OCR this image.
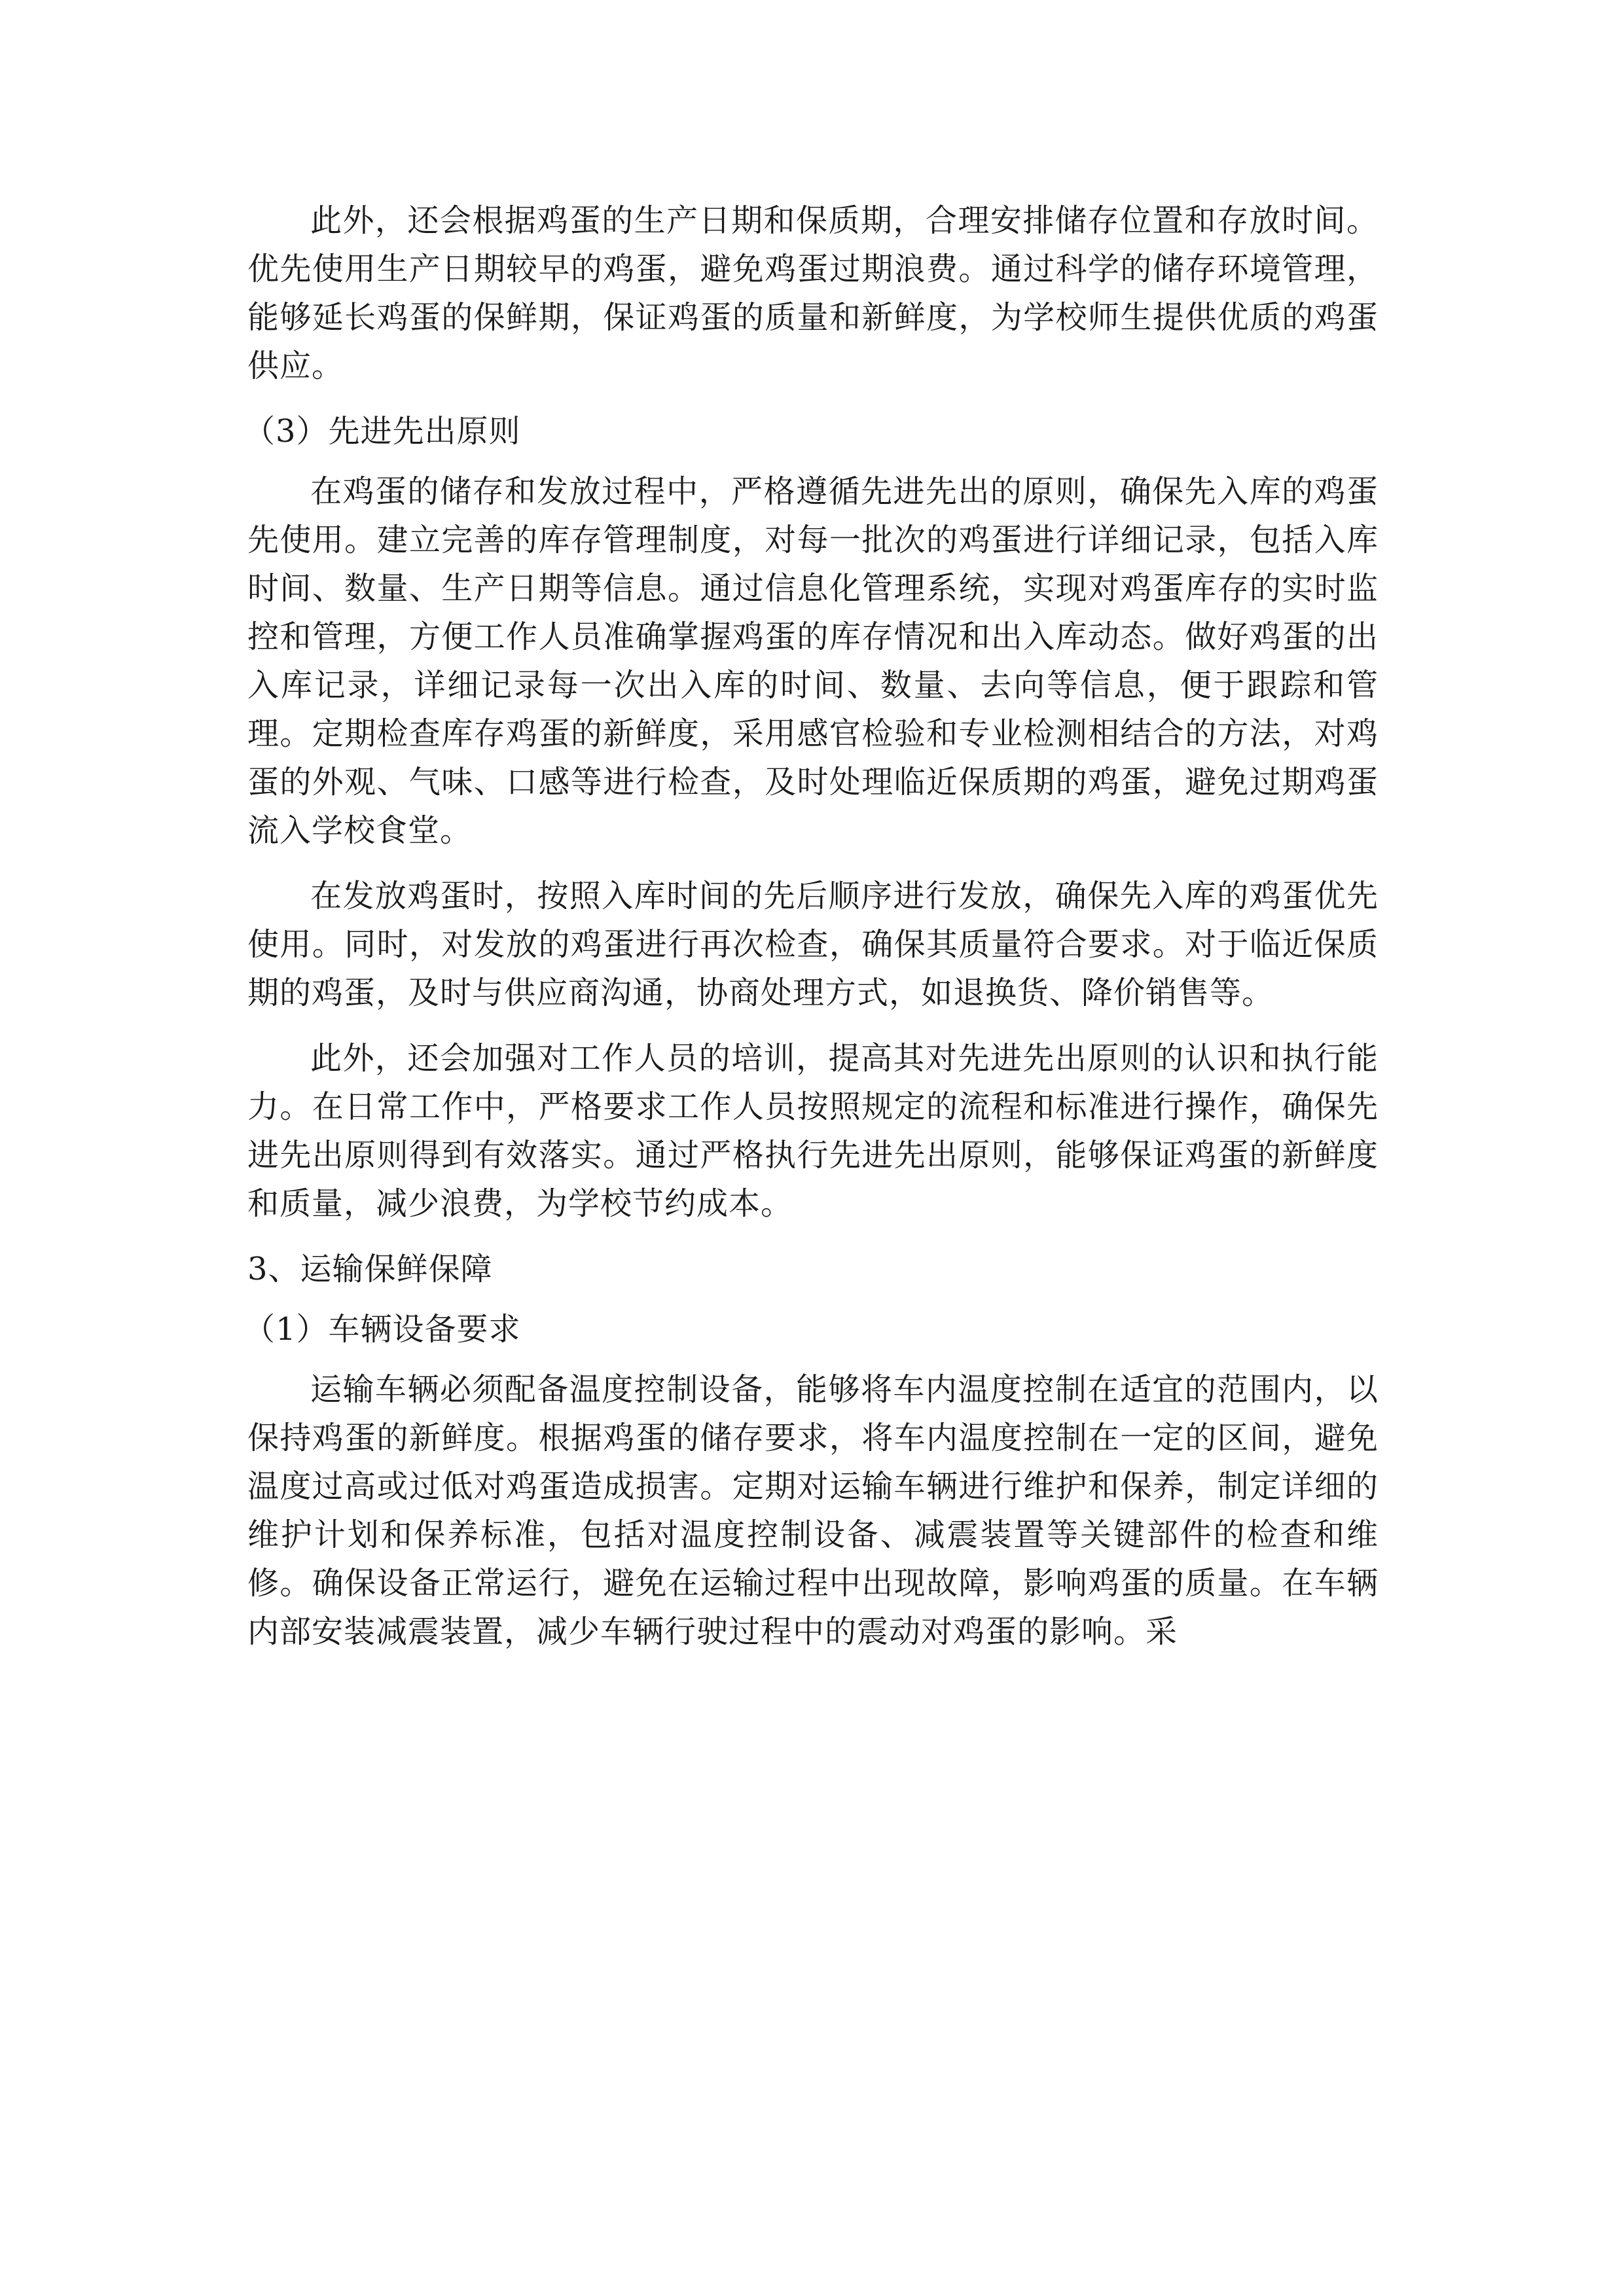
此外，还会根据鸡蛋的生产日期和保质期，合理安排储存位置和存放时间。优先使用生产日期较早的鸡蛋，避免鸡蛋过期浪费。通过科学的储存环境管理，能够延长鸡蛋的保鲜期，保证鸡蛋的质量和新鲜度，为学校师生提供优质的鸡蛋供应。

（3）先进先出原则

在鸡蛋的储存和发放过程中，严格遵循先进先出的原则，确保先入库的鸡蛋先使用。建立完善的库存管理制度，对每一批次的鸡蛋进行详细记录，包括入库时间、数量、生产日期等信息。通过信息化管理系统，实现对鸡蛋库存的实时监控和管理，方便工作人员准确掌握鸡蛋的库存情况和出入库动态。做好鸡蛋的出入库记录，详细记录每一次出入库的时间、数量、去向等信息，便于跟踪和管理。定期检查库存鸡蛋的新鲜度，采用感官检验和专业检测相结合的方法，对鸡蛋的外观、气味、口感等进行检查，及时处理临近保质期的鸡蛋，避免过期鸡蛋流入学校食堂。

在发放鸡蛋时，按照入库时间的先后顺序进行发放，确保先入库的鸡蛋优先使用。同时，对发放的鸡蛋进行再次检查，确保其质量符合要求。对于临近保质期的鸡蛋，及时与供应商沟通，协商处理方式，如退换货、降价销售等。

此外，还会加强对工作人员的培训，提高其对先进先出原则的认识和执行能力。在日常工作中，严格要求工作人员按照规定的流程和标准进行操作，确保先进先出原则得到有效落实。通过严格执行先进先出原则，能够保证鸡蛋的新鲜度和质量，减少浪费，为学校节约成本。

3、运输保鲜保障
（1）车辆设备要求

运输车辆必须配备温度控制设备，能够将车内温度控制在适宜的范围内，以保持鸡蛋的新鲜度。根据鸡蛋的储存要求，将车内温度控制在一定的区间，避免温度过高或过低对鸡蛋造成损害。定期对运输车辆进行维护和保养，制定详细的维护计划和保养标准，包括对温度控制设备、减震装置等关键部件的检查和维修。确保设备正常运行，避免在运输过程中出现故障，影响鸡蛋的质量。在车辆内部安装减震装置，减少车辆行驶过程中的震动对鸡蛋的影响。采
